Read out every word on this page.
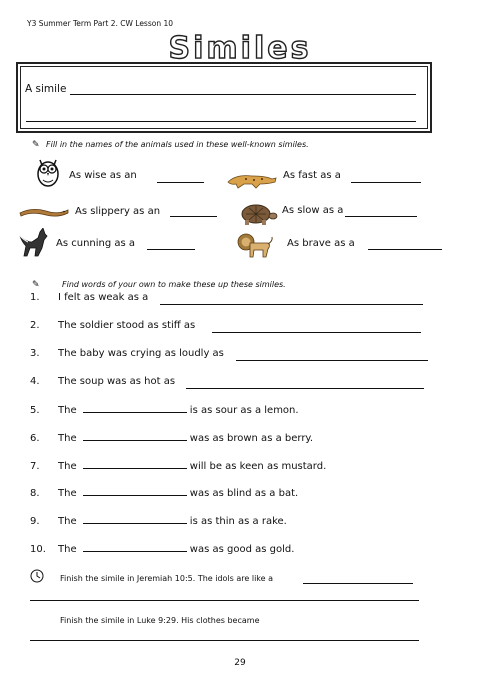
Y3 Summer Term Part 2. CW Lesson 10
Similes
A simile
✎ Fill in the names of the animals used in these well-known similes.
As wise as an	As fast as a
As slippery as an	As slow as a
As cunning as a	As brave as a
✎	Find words of your own to make these up these similes.
1. I felt as weak as a
2. The soldier stood as stiff as
3. The baby was crying as loudly as
4. The soup was as hot as
5. The	is as sour as a lemon.
6. The	was as brown as a berry.
7. The	will be as keen as mustard.
8. The	was as blind as a bat.
9. The	is as thin as a rake.
10. The	was as good as gold.
Finish the simile in Jeremiah 10:5. The idols are like a
Finish the simile in Luke 9:29. His clothes became
29
